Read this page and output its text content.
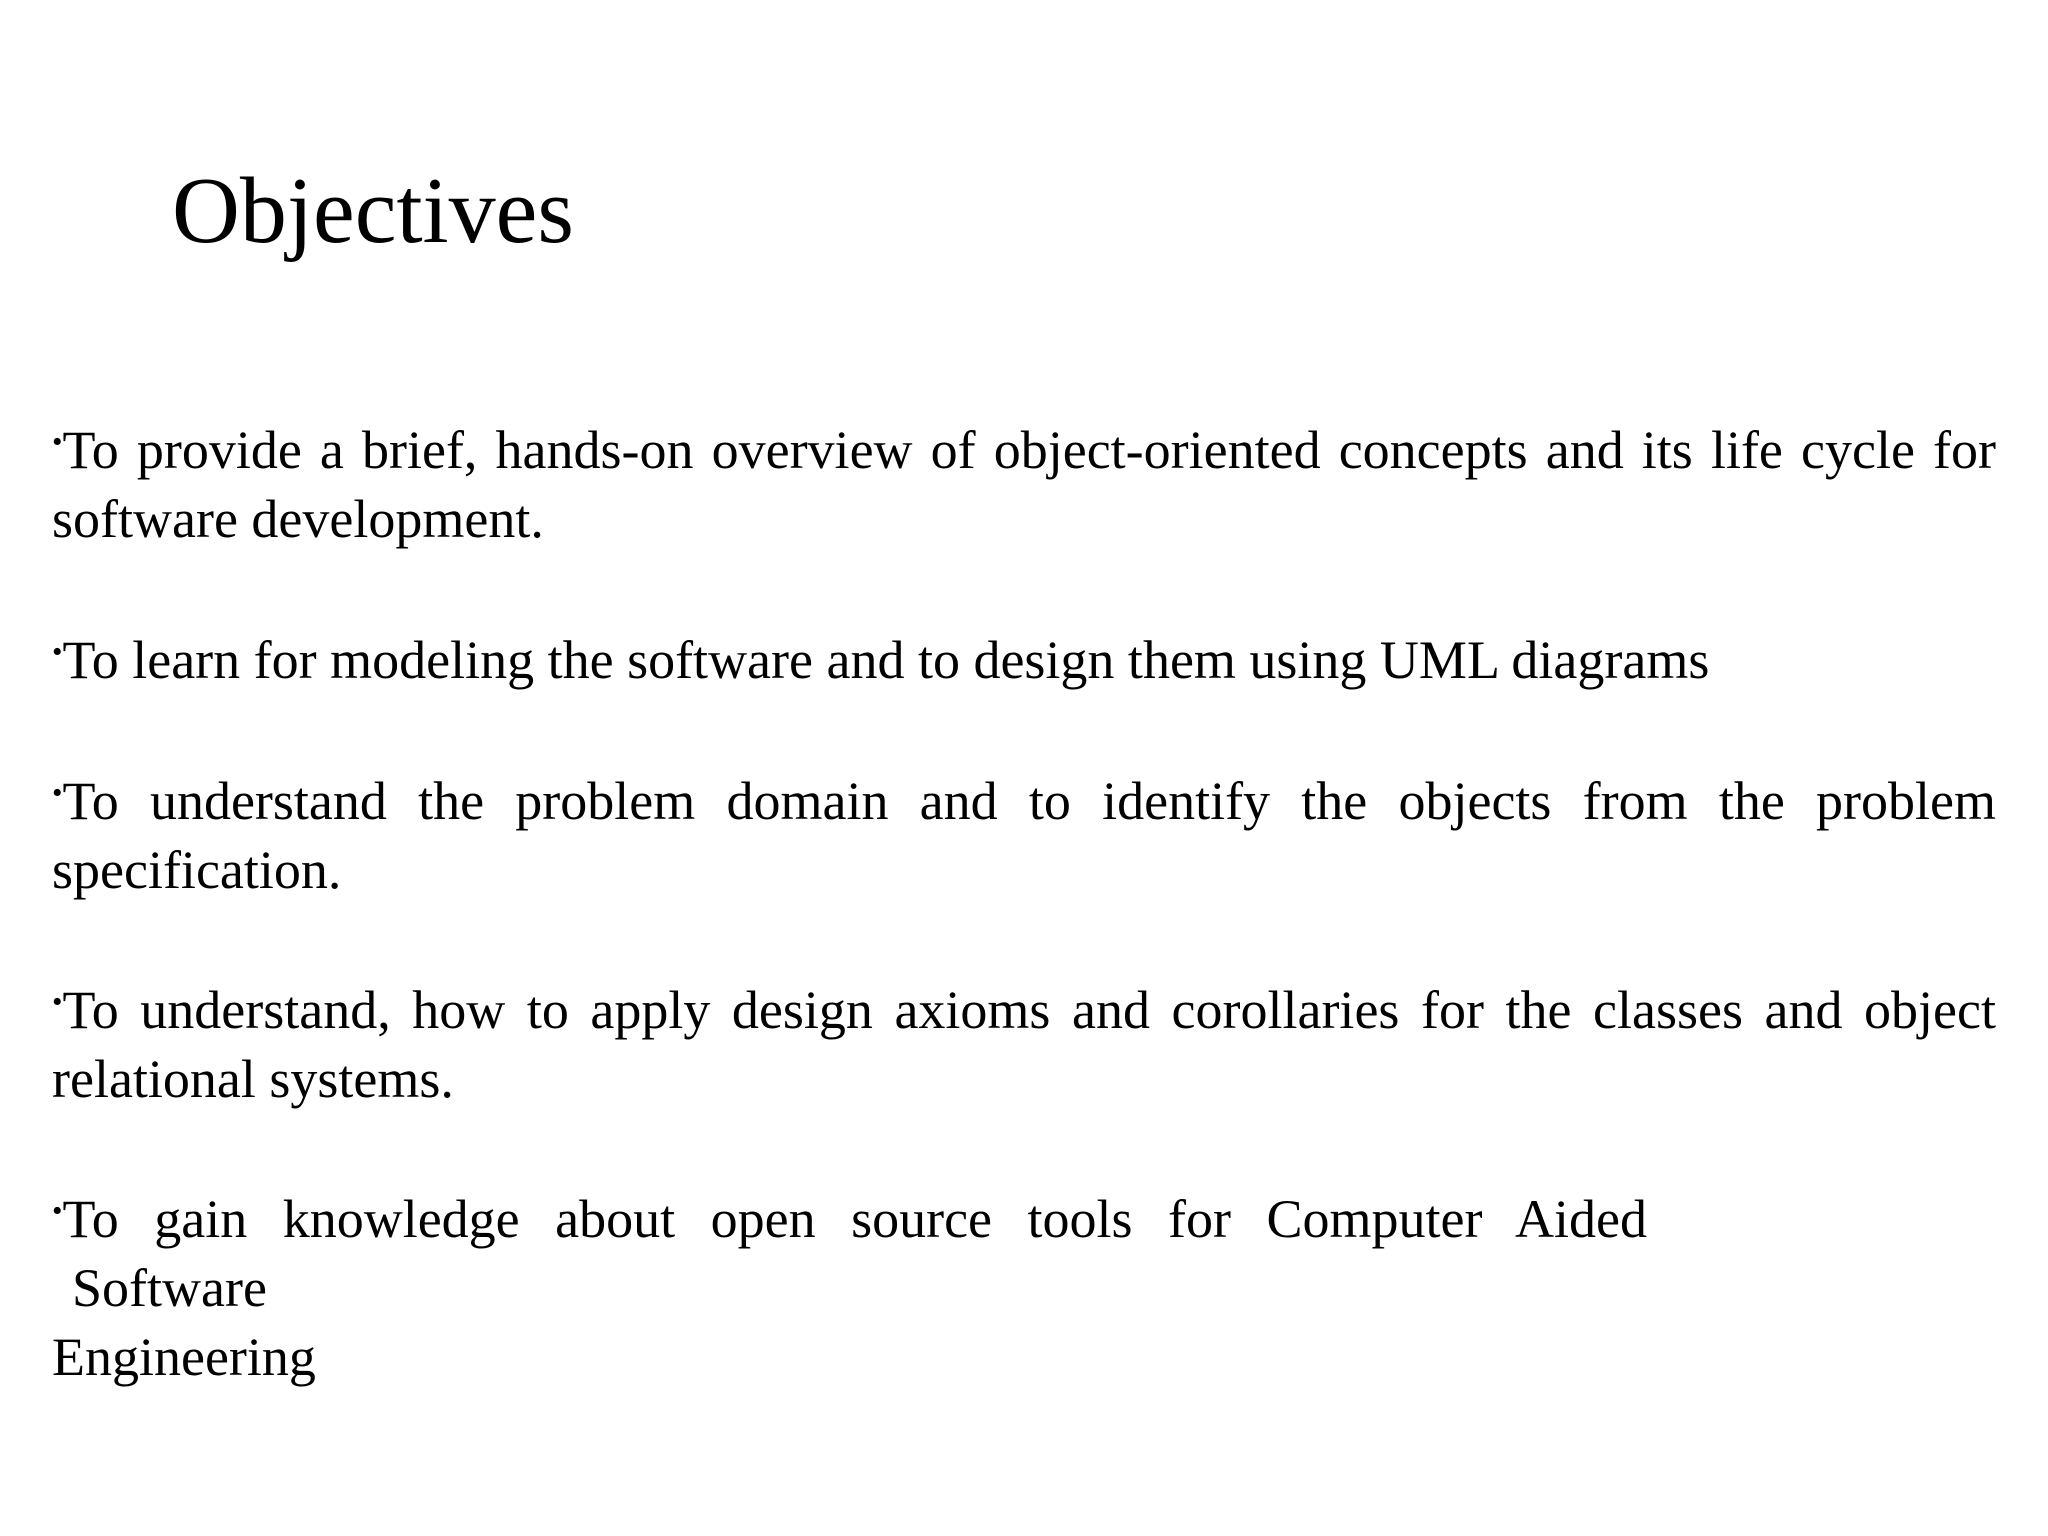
Objectives

•To provide a brief, hands-on overview of object-oriented concepts and its life cycle for software development.

•To learn for modeling the software and to design them using UML diagrams

•To understand the problem domain and to identify the objects from the problem specification.

•To understand, how to apply design axioms and corollaries for the classes and object relational systems.

•To gain knowledge about open source tools for Computer Aided
Software
Engineering
